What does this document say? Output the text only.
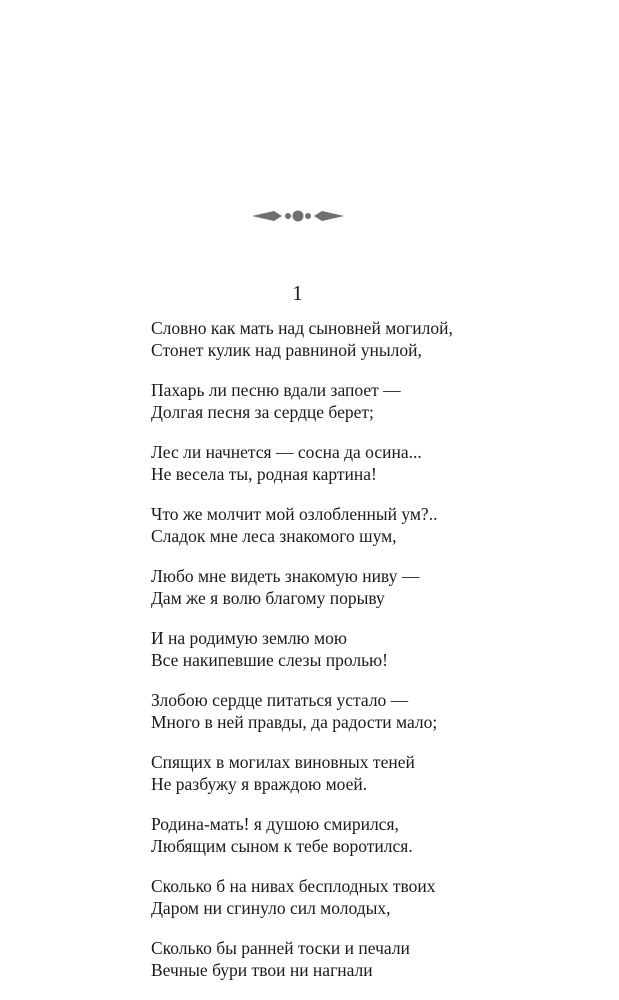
1
Словно как мать над сыновней могилой,
Стонет кулик над равниной унылой,
Пахарь ли песню вдали запоет —
Долгая песня за сердце берет;
Лес ли начнется — сосна да осина...
Не весела ты, родная картина!
Что же молчит мой озлобленный ум?..
Сладок мне леса знакомого шум,
Любо мне видеть знакомую ниву —
Дам же я волю благому порыву
И на родимую землю мою
Все накипевшие слезы пролью!
Злобою сердце питаться устало —
Много в ней правды, да радости мало;
Спящих в могилах виновных теней
Не разбужу я враждою моей.
Родина-мать! я душою смирился,
Любящим сыном к тебе воротился.
Сколько б на нивах бесплодных твоих
Даром ни сгинуло сил молодых,
Сколько бы ранней тоски и печали
Вечные бури твои ни нагнали
